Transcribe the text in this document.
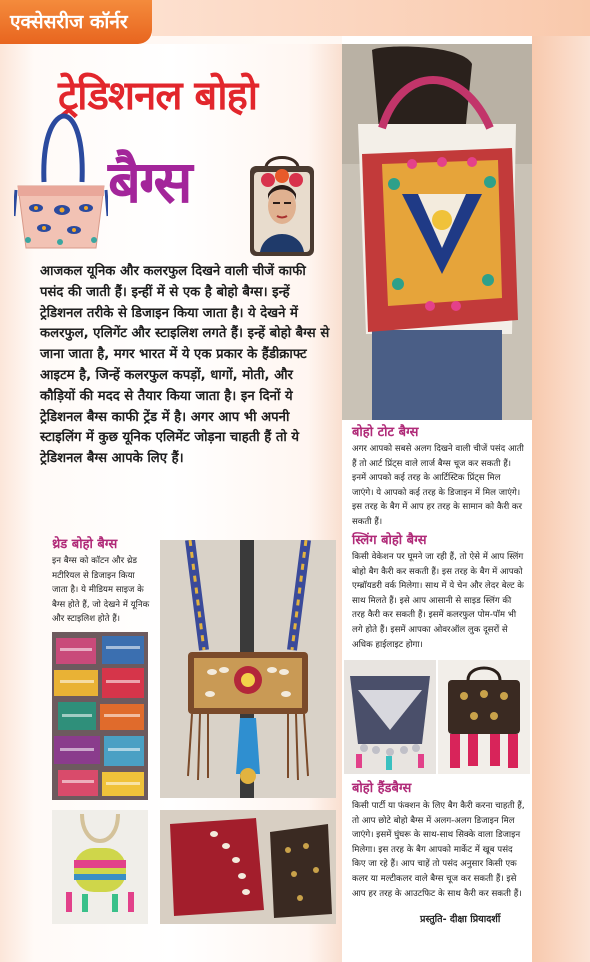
एक्सेसरीज कॉर्नर
ट्रेडिशनल बोहो
बैग्स
आजकल यूनिक और कलरफुल दिखने वाली चीजें काफी पसंद की जाती हैं। इन्हीं में से एक है बोहो बैग्स। इन्हें ट्रेडिशनल तरीके से डिजाइन किया जाता है। ये देखने में कलरफुल, एलिगेंट और स्टाइलिश लगते हैं। इन्हें बोहो बैग्स से जाना जाता है, मगर भारत में ये एक प्रकार के हैंडीक्राफ्ट आइटम है, जिन्हें कलरफुल कपड़ों, धागों, मोती, और कौड़ियों की मदद से तैयार किया जाता है। इन दिनों ये ट्रेडिशनल बैग्स काफी ट्रेंड में है। अगर आप भी अपनी स्टाइलिंग में कुछ यूनिक एलिमेंट जोड़ना चाहती हैं तो ये ट्रेडिशनल बैग्स आपके लिए हैं।
थ्रेड बोहो बैग्स
इन बैग्स को कॉटन और थ्रेड मटीरियल से डिजाइन किया जाता है। ये मीडियम साइज के बैग्स होते हैं, जो देखने में यूनिक और स्टाइलिश होते हैं।
बोहो टोट बैग्स
अगर आपको सबसे अलग दिखने वाली चीजें पसंद आती हैं तो आर्ट प्रिंट्स वाले लार्ज बैग्स चूज कर सकती हैं। इनमें आपको कई तरह के आर्टिस्टिक प्रिंट्स मिल जाएंगे। ये आपको कई तरह के डिजाइन में मिल जाएंगे। इस तरह के बैग में आप हर तरह के सामान को कैरी कर सकती हैं।
स्लिंग बोहो बैग्स
किसी वेकेशन पर घूमने जा रही हैं, तो ऐसे में आप स्लिंग बोहो बैग कैरी कर सकती हैं। इस तरह के बैग में आपको एम्ब्रॉयडरी वर्क मिलेगा। साथ में ये चेन और लेदर बेल्ट के साथ मिलते हैं। इसे आप आसानी से साइड स्लिंग की तरह कैरी कर सकती हैं। इसमें कलरफुल पोम-पॉम भी लगे होते हैं। इसमें आपका ओवरऑल लुक दूसरों से अधिक हाईलाइट होगा।
बोहो हैंडबैग्स
किसी पार्टी या फंक्शन के लिए बैग कैरी करना चाहती हैं, तो आप छोटे बोहो बैग्स में अलग-अलग डिजाइन मिल जाएंगे। इसमें घुंघरू के साथ-साथ सिक्के वाला डिजाइन मिलेगा। इस तरह के बैग आपको मार्केट में खूब पसंद किए जा रहे हैं। आप चाहें तो पसंद अनुसार किसी एक कलर या मल्टीकलर वाले बैग्स चूज कर सकती हैं। इसे आप हर तरह के आउटफिट के साथ कैरी कर सकती हैं।
प्रस्तुति- दीक्षा प्रियादर्शी
